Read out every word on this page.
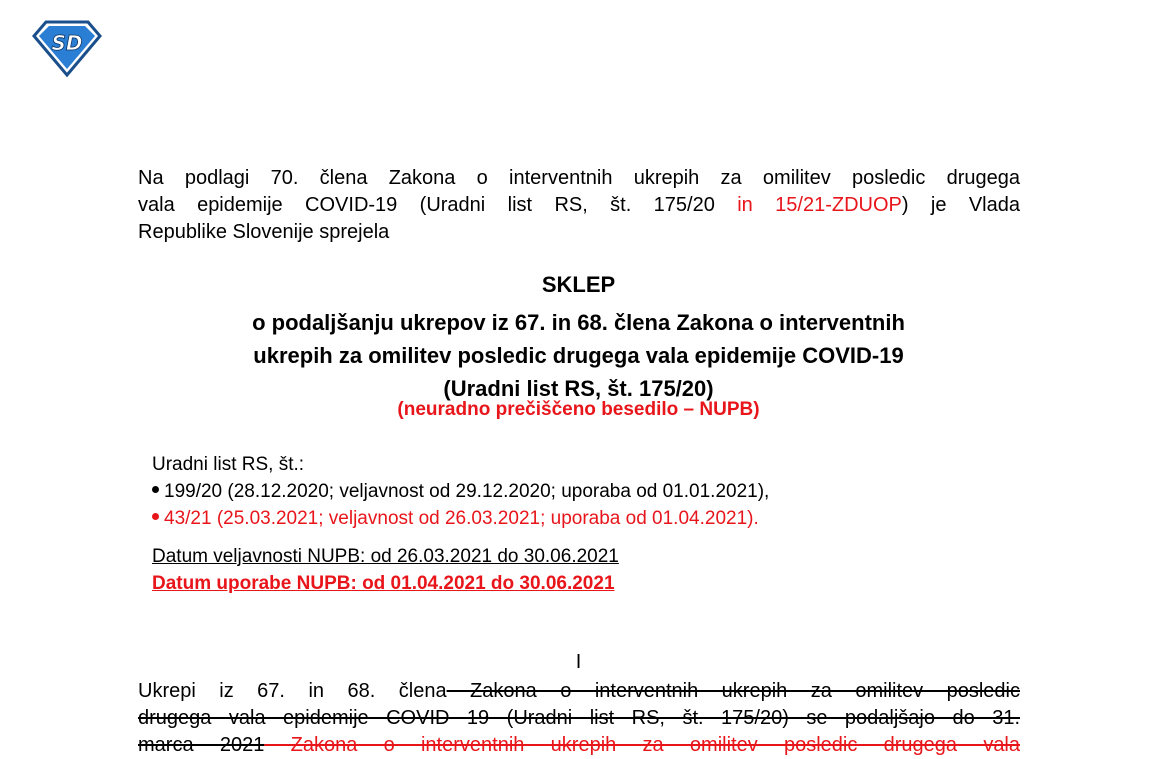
SD
Na podlagi 70. člena Zakona o interventnih ukrepih za omilitev posledic drugega
vala epidemije COVID-19 (Uradni list RS, št. 175/20 in 15/21-ZDUOP) je Vlada
Republike Slovenije sprejela
SKLEP
o podaljšanju ukrepov iz 67. in 68. člena Zakona o interventnih
ukrepih za omilitev posledic drugega vala epidemije COVID-19
(Uradni list RS, št. 175/20)
(neuradno prečiščeno besedilo – NUPB)
Uradni list RS, št.:
199/20 (28.12.2020; veljavnost od 29.12.2020; uporaba od 01.01.2021),
43/21 (25.03.2021; veljavnost od 26.03.2021; uporaba od 01.04.2021).
Datum veljavnosti NUPB: od 26.03.2021 do 30.06.2021
Datum uporabe NUPB: od 01.04.2021 do 30.06.2021
I
Ukrepi iz 67. in 68. člena Zakona o interventnih ukrepih za omilitev posledic
drugega vala epidemije COVID 19 (Uradni list RS, št. 175/20) se podaljšajo do 31.
marca 2021 Zakona o interventnih ukrepih za omilitev posledic drugega vala
